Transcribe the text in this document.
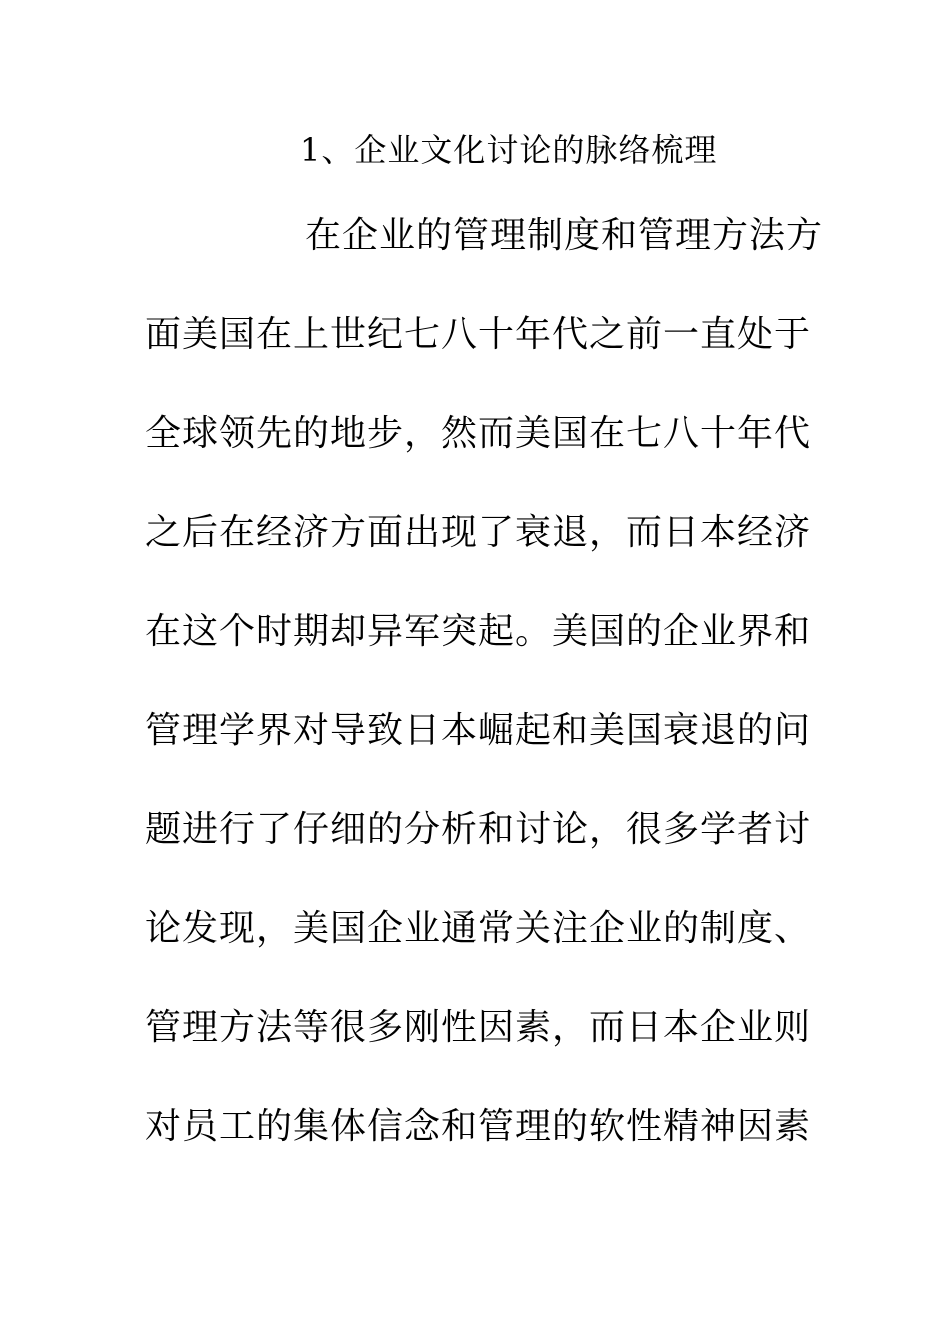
1、企业文化讨论的脉络梳理
在企业的管理制度和管理方法方
面美国在上世纪七八十年代之前一直处于
全球领先的地步，然而美国在七八十年代
之后在经济方面出现了衰退，而日本经济
在这个时期却异军突起。美国的企业界和
管理学界对导致日本崛起和美国衰退的问
题进行了仔细的分析和讨论，很多学者讨
论发现，美国企业通常关注企业的制度、
管理方法等很多刚性因素，而日本企业则
对员工的集体信念和管理的软性精神因素
